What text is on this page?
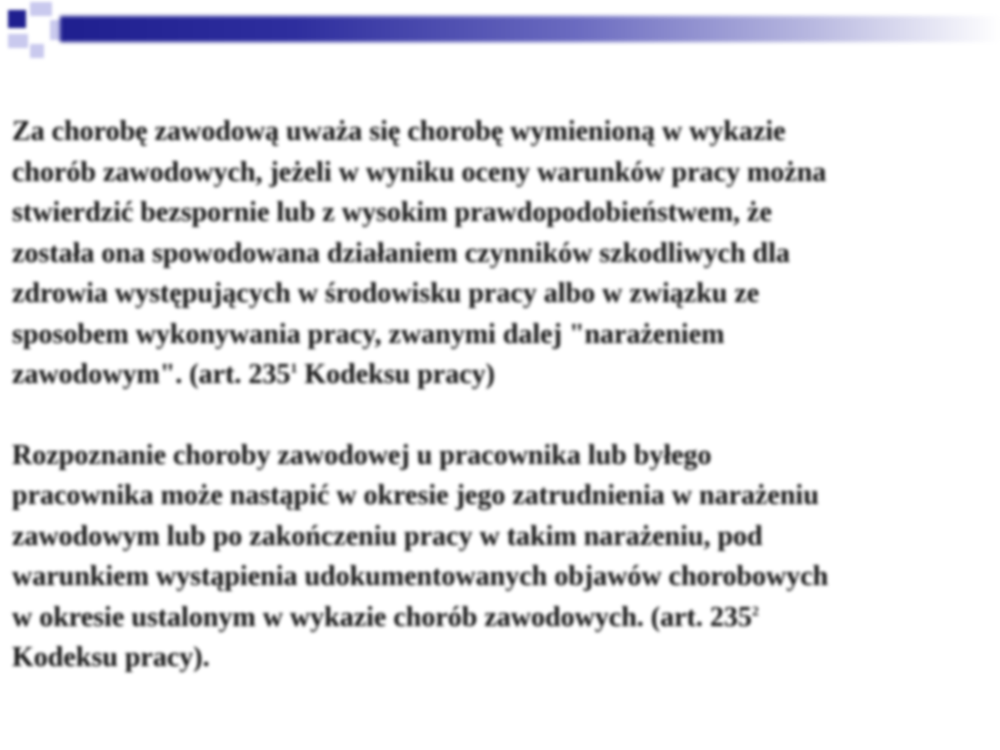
Za chorobę zawodową uważa się chorobę wymienioną w wykazie
chorób zawodowych, jeżeli w wyniku oceny warunków pracy można
stwierdzić bezspornie lub z wysokim prawdopodobieństwem, że
została ona spowodowana działaniem czynników szkodliwych dla
zdrowia występujących w środowisku pracy albo w związku ze
sposobem wykonywania pracy, zwanymi dalej "narażeniem
zawodowym". (art. $235^1$ Kodeksu pracy)

Rozpoznanie choroby zawodowej u pracownika lub byłego
pracownika może nastąpić w okresie jego zatrudnienia w narażeniu
zawodowym lub po zakończeniu pracy w takim narażeniu, pod
warunkiem wystąpienia udokumentowanych objawów chorobowych
w okresie ustalonym w wykazie chorób zawodowych. (art. $235^2$
Kodeksu pracy).
